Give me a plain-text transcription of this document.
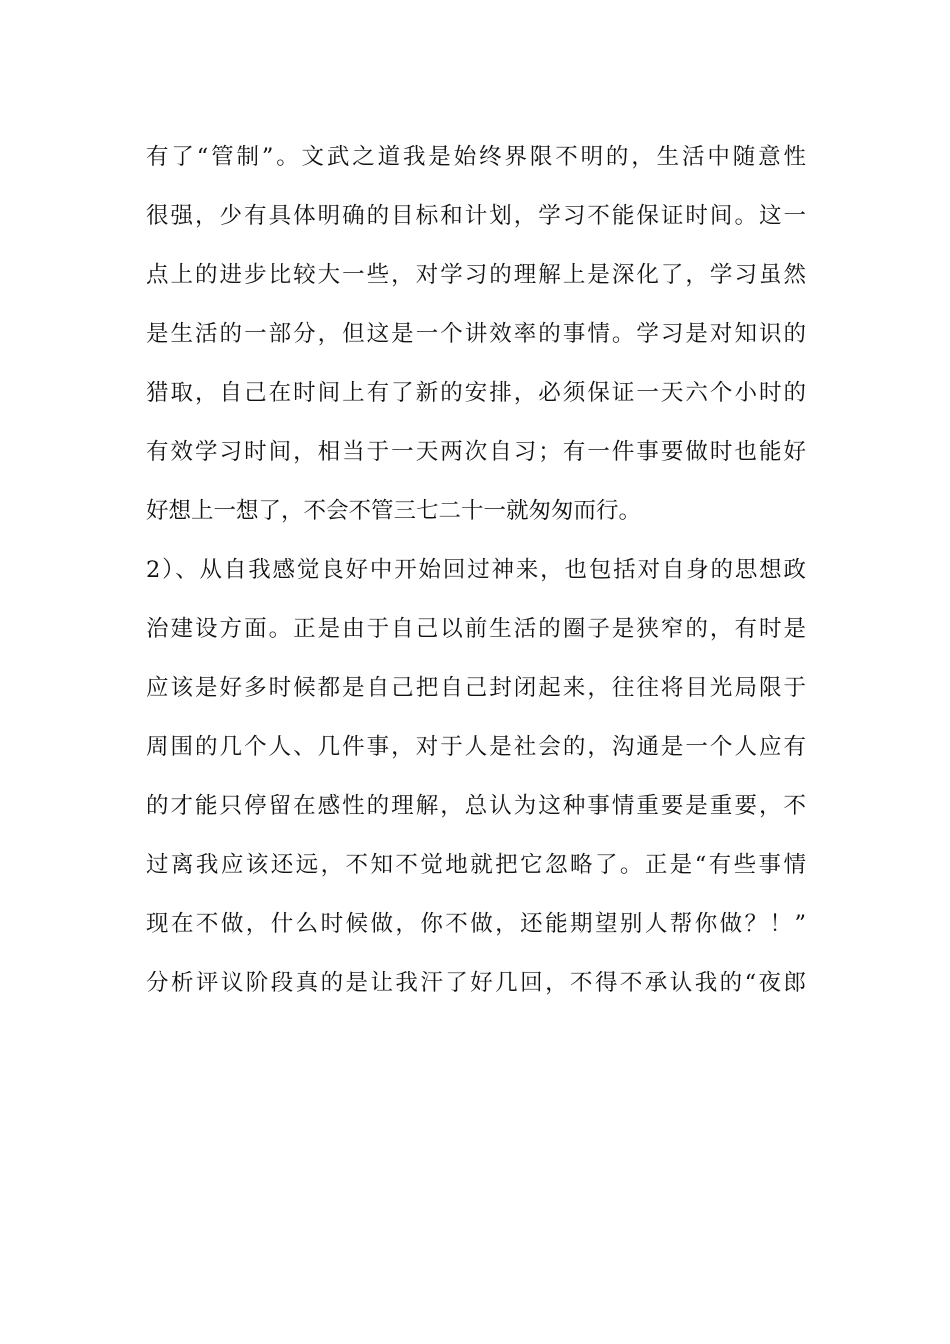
有了“管制”。文武之道我是始终界限不明的，生活中随意性
很强，少有具体明确的目标和计划，学习不能保证时间。这一
点上的进步比较大一些，对学习的理解上是深化了，学习虽然
是生活的一部分，但这是一个讲效率的事情。学习是对知识的
猎取，自己在时间上有了新的安排，必须保证一天六个小时的
有效学习时间，相当于一天两次自习；有一件事要做时也能好
好想上一想了，不会不管三七二十一就匆匆而行。
2）、从自我感觉良好中开始回过神来，也包括对自身的思想政
治建设方面。正是由于自己以前生活的圈子是狭窄的，有时是
应该是好多时候都是自己把自己封闭起来，往往将目光局限于
周围的几个人、几件事，对于人是社会的，沟通是一个人应有
的才能只停留在感性的理解，总认为这种事情重要是重要，不
过离我应该还远，不知不觉地就把它忽略了。正是“有些事情
现在不做，什么时候做，你不做，还能期望别人帮你做？！”
分析评议阶段真的是让我汗了好几回，不得不承认我的“夜郎
